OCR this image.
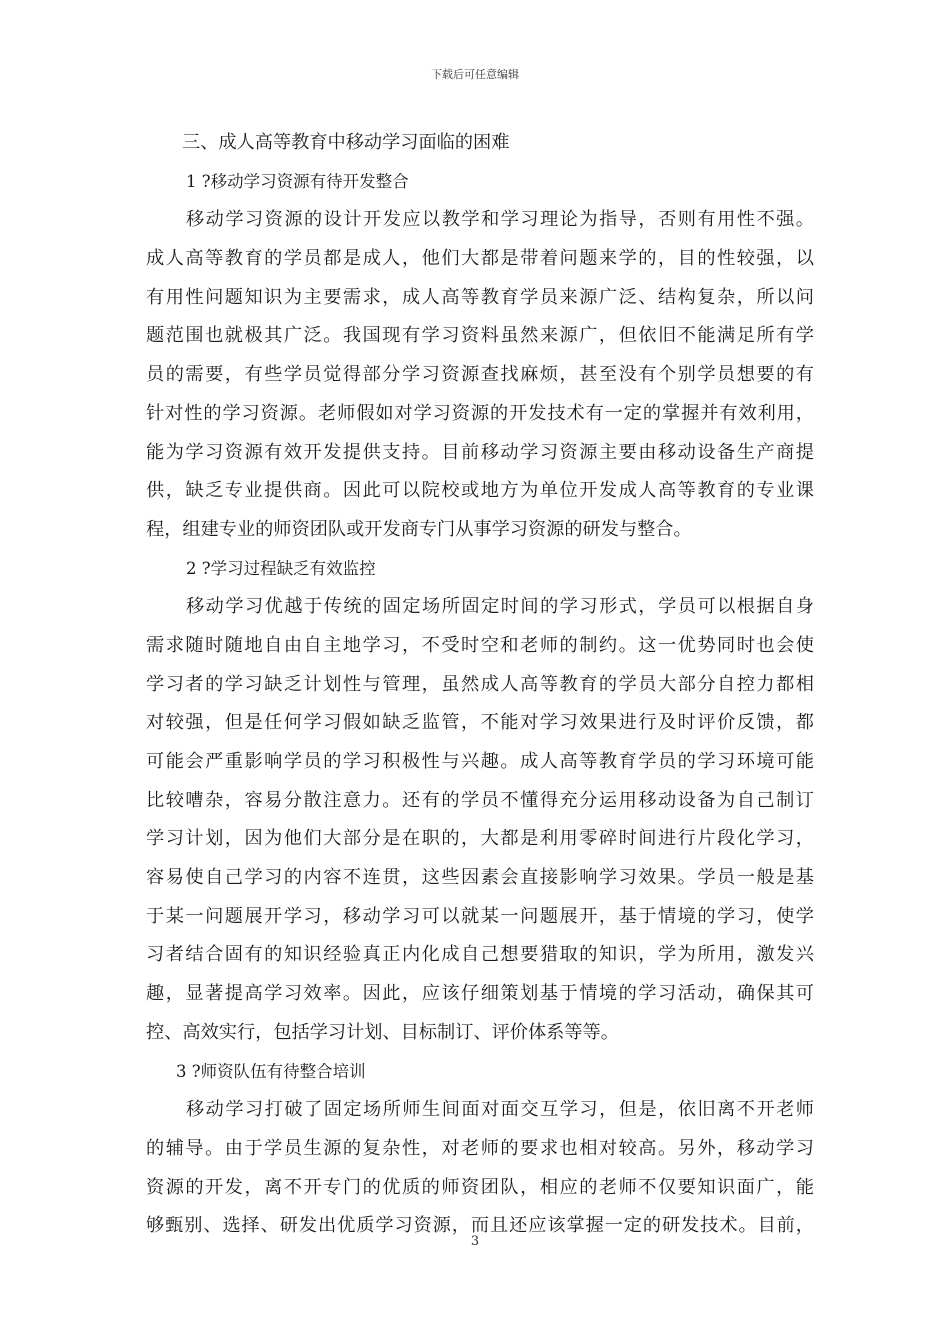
下载后可任意编辑
三、成人高等教育中移动学习面临的困难
1 ?移动学习资源有待开发整合
移动学习资源的设计开发应以教学和学习理论为指导，否则有用性不强。
成人高等教育的学员都是成人，他们大都是带着问题来学的，目的性较强，以
有用性问题知识为主要需求，成人高等教育学员来源广泛、结构复杂，所以问
题范围也就极其广泛。我国现有学习资料虽然来源广，但依旧不能满足所有学
员的需要，有些学员觉得部分学习资源查找麻烦，甚至没有个别学员想要的有
针对性的学习资源。老师假如对学习资源的开发技术有一定的掌握并有效利用，
能为学习资源有效开发提供支持。目前移动学习资源主要由移动设备生产商提
供，缺乏专业提供商。因此可以院校或地方为单位开发成人高等教育的专业课
程，组建专业的师资团队或开发商专门从事学习资源的研发与整合。
2 ?学习过程缺乏有效监控
移动学习优越于传统的固定场所固定时间的学习形式，学员可以根据自身
需求随时随地自由自主地学习，不受时空和老师的制约。这一优势同时也会使
学习者的学习缺乏计划性与管理，虽然成人高等教育的学员大部分自控力都相
对较强，但是任何学习假如缺乏监管，不能对学习效果进行及时评价反馈，都
可能会严重影响学员的学习积极性与兴趣。成人高等教育学员的学习环境可能
比较嘈杂，容易分散注意力。还有的学员不懂得充分运用移动设备为自己制订
学习计划，因为他们大部分是在职的，大都是利用零碎时间进行片段化学习，
容易使自己学习的内容不连贯，这些因素会直接影响学习效果。学员一般是基
于某一问题展开学习，移动学习可以就某一问题展开，基于情境的学习，使学
习者结合固有的知识经验真正内化成自己想要猎取的知识，学为所用，激发兴
趣，显著提高学习效率。因此，应该仔细策划基于情境的学习活动，确保其可
控、高效实行，包括学习计划、目标制订、评价体系等等。
3 ?师资队伍有待整合培训
移动学习打破了固定场所师生间面对面交互学习，但是，依旧离不开老师
的辅导。由于学员生源的复杂性，对老师的要求也相对较高。另外，移动学习
资源的开发，离不开专门的优质的师资团队，相应的老师不仅要知识面广，能
够甄别、选择、研发出优质学习资源，而且还应该掌握一定的研发技术。目前，
3
